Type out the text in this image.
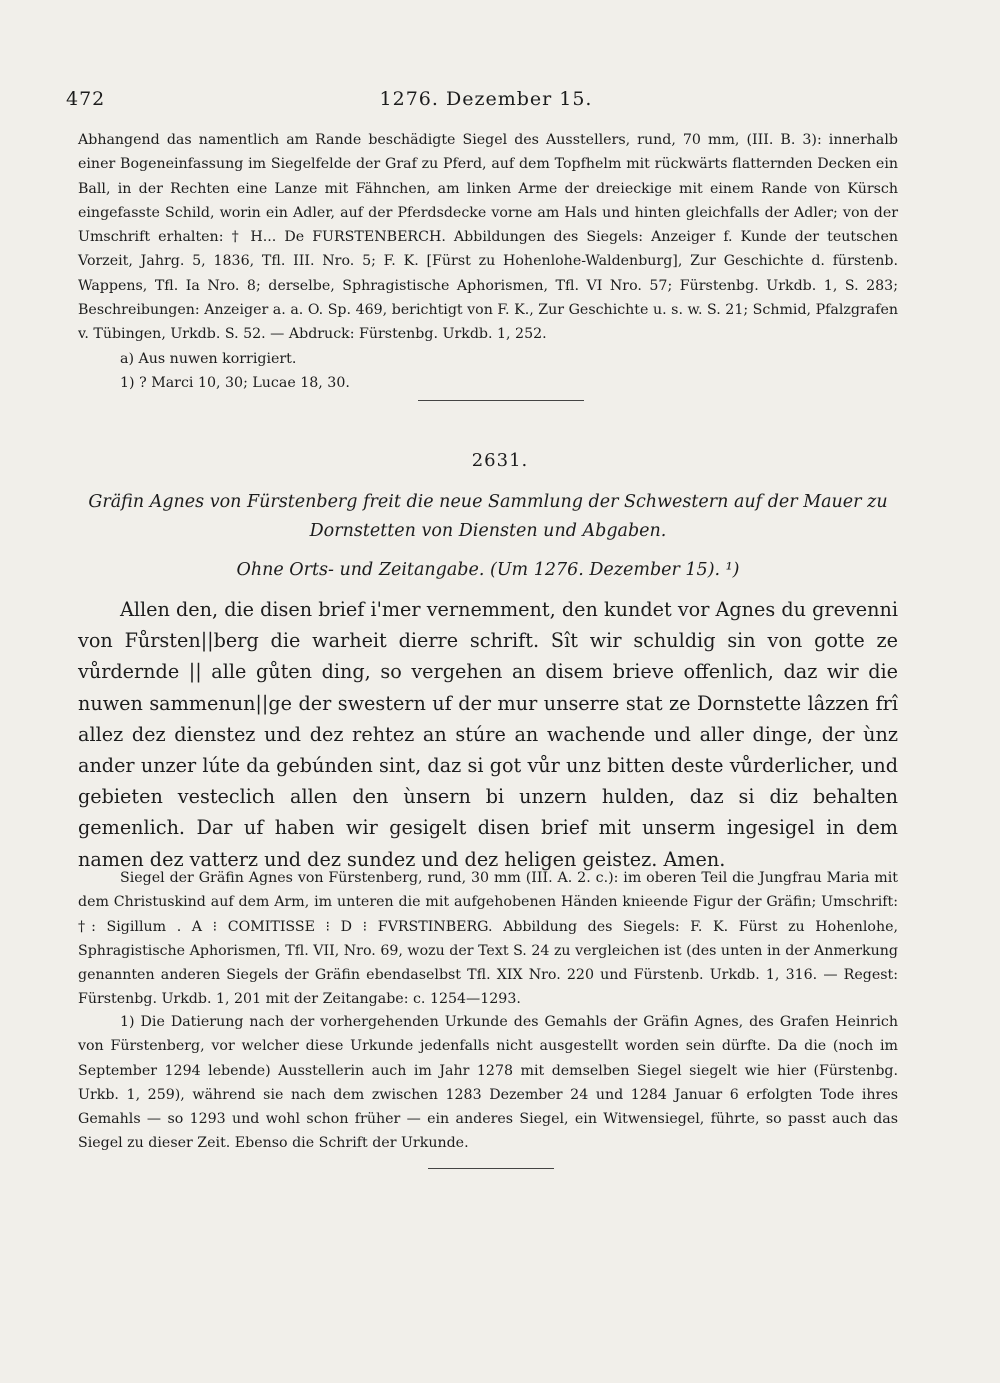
472	1276. Dezember 15.

Abhangend das namentlich am Rande beschädigte Siegel des Ausstellers, rund, 70 mm, (III. B. 3): innerhalb einer Bogeneinfassung im Siegelfelde der Graf zu Pferd, auf dem Topfhelm mit rückwärts flatternden Decken ein Ball, in der Rechten eine Lanze mit Fähnchen, am linken Arme der dreieckige mit einem Rande von Kürsch eingefasste Schild, worin ein Adler, auf der Pferdsdecke vorne am Hals und hinten gleichfalls der Adler; von der Umschrift erhalten: † H... De FURSTENBERCH. Abbildungen des Siegels: Anzeiger f. Kunde der teutschen Vorzeit, Jahrg. 5, 1836, Tfl. III. Nro. 5; F. K. [Fürst zu Hohenlohe-Waldenburg], Zur Geschichte d. fürstenb. Wappens, Tfl. Ia Nro. 8; derselbe, Sphragistische Aphorismen, Tfl. VI Nro. 57; Fürstenbg. Urkdb. 1, S. 283; Beschreibungen: Anzeiger a. a. O. Sp. 469, berichtigt von F. K., Zur Geschichte u. s. w. S. 21; Schmid, Pfalzgrafen v. Tübingen, Urkdb. S. 52. — Abdruck: Fürstenbg. Urkdb. 1, 252.

a) Aus nuwen korrigiert.

1) ? Marci 10, 30; Lucae 18, 30.

2631.

Gräfin Agnes von Fürstenberg freit die neue Sammlung der Schwestern auf der Mauer zu Dornstetten von Diensten und Abgaben.

Ohne Orts- und Zeitangabe. (Um 1276. Dezember 15). ¹)

Allen den, die disen brief i'mer vernemment, den kundet vor Agnes du grevenni von Fůrsten||berg die warheit dierre schrift. Sît wir schuldig sin von gotte ze vůrdernde || alle gůten ding, so vergehen an disem brieve offenlich, daz wir die nuwen sammenun||ge der swestern uf der mur unserre stat ze Dornstette lâzzen frî allez dez dienstez und dez rehtez an stúre an wachende und aller dinge, der ùnz ander unzer lúte da gebúnden sint, daz si got vůr unz bitten deste vůrderlicher, und gebieten vesteclich allen den ùnsern bi unzern hulden, daz si diz behalten gemenlich. Dar uf haben wir gesigelt disen brief mit unserm ingesigel in dem namen dez vatterz und dez sundez und dez heligen geistez. Amen.

Siegel der Gräfin Agnes von Fürstenberg, rund, 30 mm (III. A. 2. c.): im oberen Teil die Jungfrau Maria mit dem Christuskind auf dem Arm, im unteren die mit aufgehobenen Händen knieende Figur der Gräfin; Umschrift: †: Sigillum . A ⁝ COMITISSE ⁝ D ⁝ FVRSTINBERG. Abbildung des Siegels: F. K. Fürst zu Hohenlohe, Sphragistische Aphorismen, Tfl. VII, Nro. 69, wozu der Text S. 24 zu vergleichen ist (des unten in der Anmerkung genannten anderen Siegels der Gräfin ebendaselbst Tfl. XIX Nro. 220 und Fürstenb. Urkdb. 1, 316. — Regest: Fürstenbg. Urkdb. 1, 201 mit der Zeitangabe: c. 1254—1293.

1) Die Datierung nach der vorhergehenden Urkunde des Gemahls der Gräfin Agnes, des Grafen Heinrich von Fürstenberg, vor welcher diese Urkunde jedenfalls nicht ausgestellt worden sein dürfte. Da die (noch im September 1294 lebende) Ausstellerin auch im Jahr 1278 mit demselben Siegel siegelt wie hier (Fürstenbg. Urkb. 1, 259), während sie nach dem zwischen 1283 Dezember 24 und 1284 Januar 6 erfolgten Tode ihres Gemahls — so 1293 und wohl schon früher — ein anderes Siegel, ein Witwensiegel, führte, so passt auch das Siegel zu dieser Zeit. Ebenso die Schrift der Urkunde.
